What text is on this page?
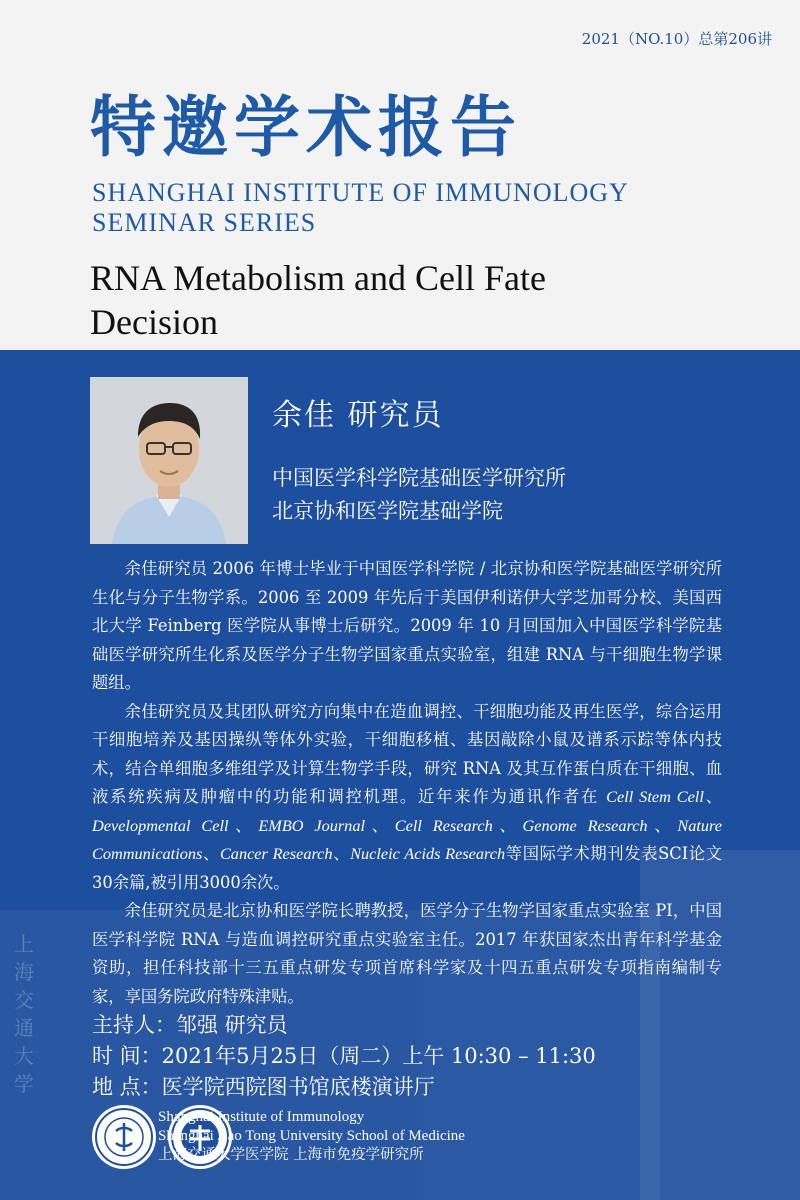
2021（NO.10）总第206讲
特邀学术报告
SHANGHAI INSTITUTE OF IMMUNOLOGY
SEMINAR SERIES
RNA Metabolism and Cell Fate
Decision
上海交通大学
余佳 研究员
中国医学科学院基础医学研究所
北京协和医学院基础学院

余佳研究员 2006 年博士毕业于中国医学科学院 / 北京协和医学院基础医学研究所生化与分子生物学系。2006 至 2009 年先后于美国伊利诺伊大学芝加哥分校、美国西北大学 Feinberg 医学院从事博士后研究。2009 年 10 月回国加入中国医学科学院基础医学研究所生化系及医学分子生物学国家重点实验室，组建 RNA 与干细胞生物学课题组。

余佳研究员及其团队研究方向集中在造血调控、干细胞功能及再生医学，综合运用干细胞培养及基因操纵等体外实验，干细胞移植、基因敲除小鼠及谱系示踪等体内技术，结合单细胞多维组学及计算生物学手段，研究 RNA 及其互作蛋白质在干细胞、血液系统疾病及肿瘤中的功能和调控机理。近年来作为通讯作者在 Cell Stem Cell、Developmental Cell、EMBO Journal、Cell Research、Genome Research、Nature Communications、Cancer Research、Nucleic Acids Research等国际学术期刊发表SCI论文30余篇,被引用3000余次。

余佳研究员是北京协和医学院长聘教授，医学分子生物学国家重点实验室 PI，中国医学科学院 RNA 与造血调控研究重点实验室主任。2017 年获国家杰出青年科学基金资助，担任科技部十三五重点研发专项首席科学家及十四五重点研发专项指南编制专家，享国务院政府特殊津贴。

主持人：邹强 研究员
时 间：2021年5月25日（周二）上午 10:30 – 11:30
地 点：医学院西院图书馆底楼演讲厅
Shanghai Institute of Immunology
Shanghai Jiao Tong University School of Medicine
上海交通大学医学院 上海市免疫学研究所
